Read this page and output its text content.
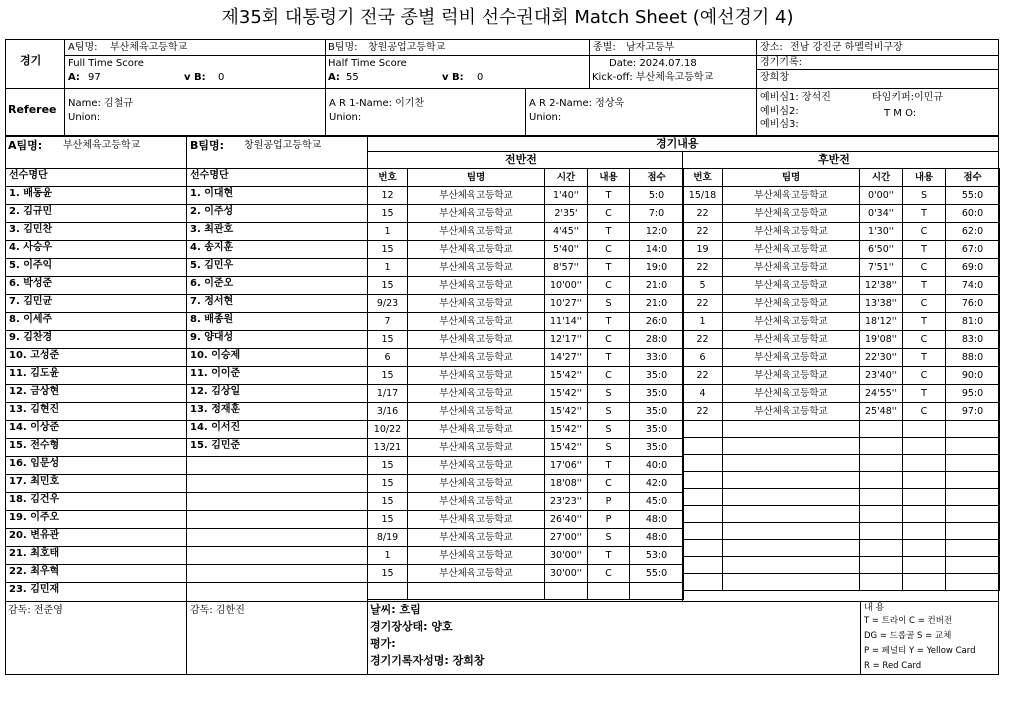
제35회 대통령기 전국 종별 럭비 선수권대회 Match Sheet (예선경기 4)
경기
A팀명: 부산체육고등학교	B팀명: 창원공업고등학교	종별: 남자고등부	장소: 전남 강진군 하멜럭비구장
Full Time Score
A: 97	v B: 0
Half Time Score
A: 55	v B: 0
Date: 2024.07.18
Kick-off: 부산체육고등학교
경기기록:
장희창
Referee Name: 김철규
Union:
A R 1-Name: 이기찬
Union:
A R 2-Name: 정상욱
Union:
예비심1: 장석진
예비심2:
예비심3:
타임키퍼:이민규
T M O:
A팀명: 부산체육고등학교	B팀명: 창원공업고등학교
선수명단	선수명단
1. 배동윤
2. 김규민
3. 김민찬
4. 사승우
5. 이주익
6. 박성준
7. 김민균
8. 이세주
9. 김찬경
10. 고성준
11. 김도윤
12. 금상현
13. 김현진
14. 이상준
15. 전수형
16. 임문성
17. 최민호
18. 김건우
19. 이주오
20. 변유관
21. 최호태
22. 최우혁
23. 김민재
1. 이대현
2. 이주성
3. 최관호
4. 송지훈
5. 김민우
6. 이준오
7. 정서현
8. 배종원
9. 양대성
10. 이승제
11. 이이준
12. 김상일
13. 정재훈
14. 이서진
15. 김민준
경기내용
전반전	후반전
번호	팀명	시간	내용	점수
12	부산체육고등학교	1'40''	T	5:0
15	부산체육고등학교	2'35'	C	7:0
1	부산체육고등학교	4'45''	T	12:0
15	부산체육고등학교	5'40''	C	14:0
1	부산체육고등학교	8'57''	T	19:0
15	부산체육고등학교	10'00''	C	21:0
9/23	부산체육고등학교	10'27''	S	21:0
7	부산체육고등학교	11'14''	T	26:0
15	부산체육고등학교	12'17''	C	28:0
6	부산체육고등학교	14'27''	T	33:0
15	부산체육고등학교	15'42''	C	35:0
1/17	부산체육고등학교	15'42''	S	35:0
3/16	부산체육고등학교	15'42''	S	35:0
10/22	부산체육고등학교	15'42''	S	35:0
13/21	부산체육고등학교	15'42''	S	35:0
15	부산체육고등학교	17'06''	T	40:0
15	부산체육고등학교	18'08''	C	42:0
15	부산체육고등학교	23'23''	P	45:0
15	부산체육고등학교	26'40''	P	48:0
8/19	부산체육고등학교	27'00''	S	48:0
1	부산체육고등학교	30'00''	T	53:0
15	부산체육고등학교	30'00''	C	55:0

번호	팀명	시간	내용	점수
15/18	부산체육고등학교	0'00''	S	55:0
22	부산체육고등학교	0'34''	T	60:0
22	부산체육고등학교	1'30''	C	62:0
19	부산체육고등학교	6'50''	T	67:0
22	부산체육고등학교	7'51''	C	69:0
5	부산체육고등학교	12'38''	T	74:0
22	부산체육고등학교	13'38''	C	76:0
1	부산체육고등학교	18'12''	T	81:0
22	부산체육고등학교	19'08''	C	83:0
6	부산체육고등학교	22'30''	T	88:0
22	부산체육고등학교	23'40''	C	90:0
4	부산체육고등학교	24'55''	T	95:0
22	부산체육고등학교	25'48''	C	97:0

감독: 전준영	감독: 김한진	날씨: 흐림
경기장상태: 양호
평가:
경기기록자성명: 장희창
내 용
T = 트라이 C = 컨버전
DG = 드롭골 S = 교체
P = 페널티 Y = Yellow Card
R = Red Card
